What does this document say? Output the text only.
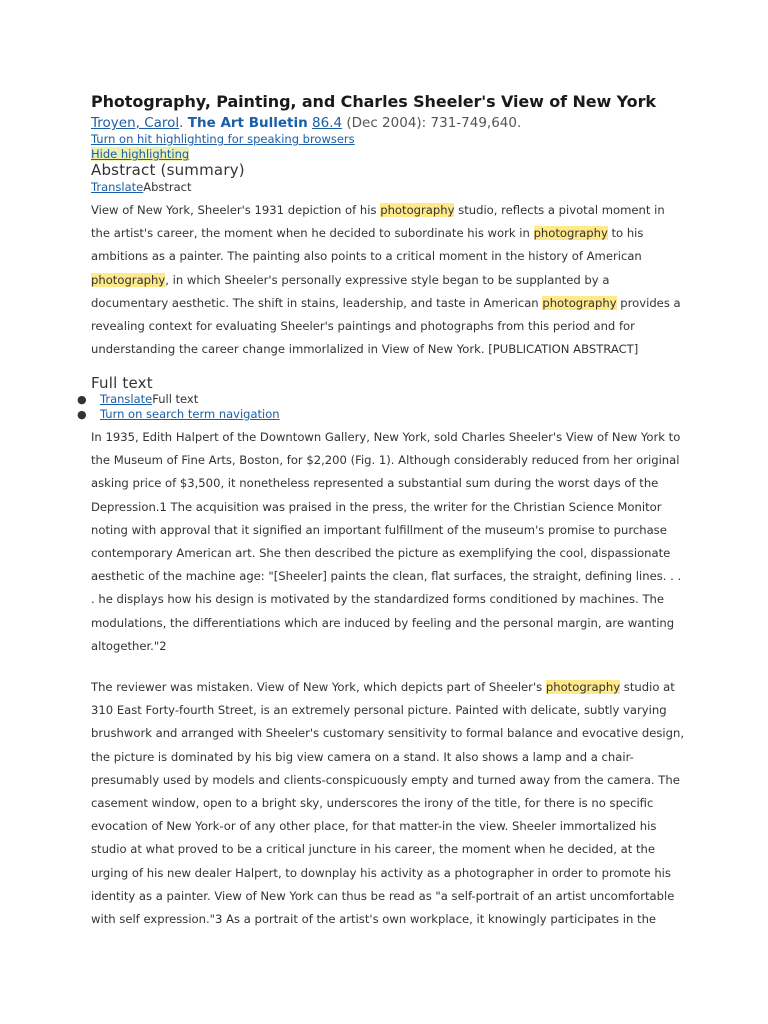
Photography, Painting, and Charles Sheeler's View of New York
Troyen, Carol. The Art Bulletin 86.4 (Dec 2004): 731-749,640.
Turn on hit highlighting for speaking browsers
Hide highlighting
Abstract (summary)
TranslateAbstract

View of New York, Sheeler's 1931 depiction of his photography studio, reflects a pivotal moment in the artist's career, the moment when he decided to subordinate his work in photography to his ambitions as a painter. The painting also points to a critical moment in the history of American photography, in which Sheeler's personally expressive style began to be supplanted by a documentary aesthetic. The shift in stains, leadership, and taste in American photography provides a revealing context for evaluating Sheeler's paintings and photographs from this period and for understanding the career change immorlalized in View of New York. [PUBLICATION ABSTRACT]

Full text
● TranslateFull text
● Turn on search term navigation

In 1935, Edith Halpert of the Downtown Gallery, New York, sold Charles Sheeler's View of New York to the Museum of Fine Arts, Boston, for $2,200 (Fig. 1). Although considerably reduced from her original asking price of $3,500, it nonetheless represented a substantial sum during the worst days of the Depression.1 The acquisition was praised in the press, the writer for the Christian Science Monitor noting with approval that it signified an important fulfillment of the museum's promise to purchase contemporary American art. She then described the picture as exemplifying the cool, dispassionate aesthetic of the machine age: "[Sheeler] paints the clean, flat surfaces, the straight, defining lines. . . . he displays how his design is motivated by the standardized forms conditioned by machines. The modulations, the differentiations which are induced by feeling and the personal margin, are wanting altogether."2

The reviewer was mistaken. View of New York, which depicts part of Sheeler's photography studio at 310 East Forty-fourth Street, is an extremely personal picture. Painted with delicate, subtly varying brushwork and arranged with Sheeler's customary sensitivity to formal balance and evocative design, the picture is dominated by his big view camera on a stand. It also shows a lamp and a chair-presumably used by models and clients-conspicuously empty and turned away from the camera. The casement window, open to a bright sky, underscores the irony of the title, for there is no specific evocation of New York-or of any other place, for that matter-in the view. Sheeler immortalized his studio at what proved to be a critical juncture in his career, the moment when he decided, at the urging of his new dealer Halpert, to downplay his activity as a photographer in order to promote his identity as a painter. View of New York can thus be read as "a self-portrait of an artist uncomfortable with self expression."3 As a portrait of the artist's own workplace, it knowingly participates in the
